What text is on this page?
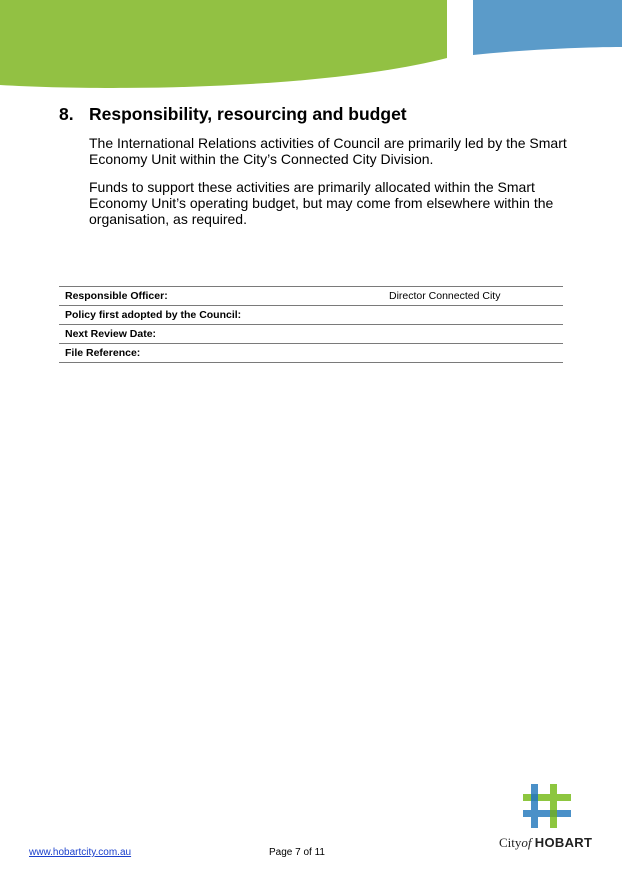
8. Responsibility, resourcing and budget

The International Relations activities of Council are primarily led by the Smart Economy Unit within the City’s Connected City Division.

Funds to support these activities are primarily allocated within the Smart Economy Unit’s operating budget, but may come from elsewhere within the organisation, as required.

Responsible Officer:	Director Connected City
Policy first adopted by the Council:	
Next Review Date:	
File Reference:	
Cityof HOBART
www.hobartcity.com.au	Page 7 of 11
